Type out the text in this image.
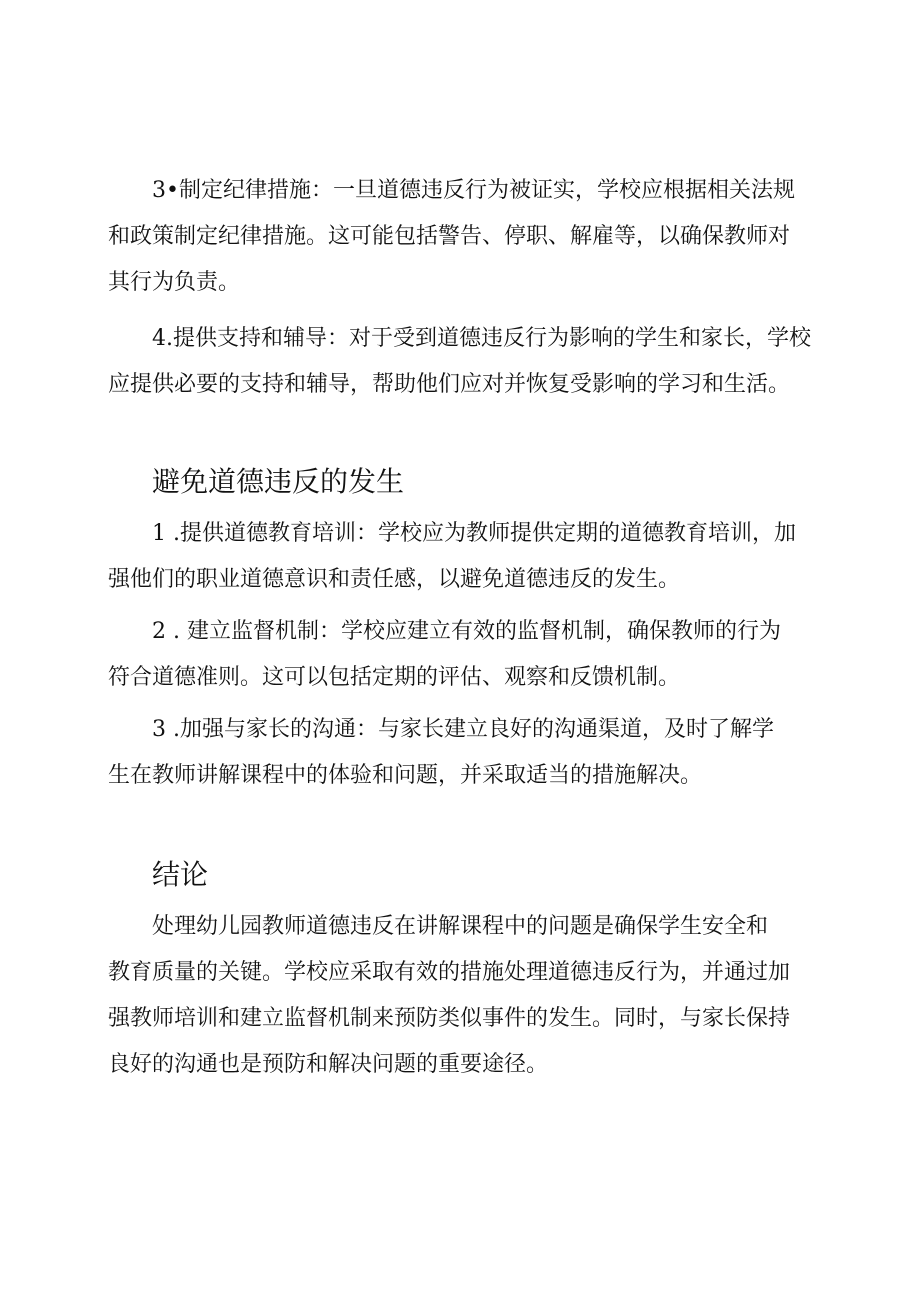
3•制定纪律措施：一旦道德违反行为被证实，学校应根据相关法规
和政策制定纪律措施。这可能包括警告、停职、解雇等，以确保教师对
其行为负责。

4.提供支持和辅导：对于受到道德违反行为影响的学生和家长，学校
应提供必要的支持和辅导，帮助他们应对并恢复受影响的学习和生活。

避免道德违反的发生

1 .提供道德教育培训：学校应为教师提供定期的道德教育培训，加
强他们的职业道德意识和责任感，以避免道德违反的发生。

2 . 建立监督机制：学校应建立有效的监督机制，确保教师的行为
符合道德准则。这可以包括定期的评估、观察和反馈机制。

3 .加强与家长的沟通：与家长建立良好的沟通渠道，及时了解学
生在教师讲解课程中的体验和问题，并采取适当的措施解决。

结论

处理幼儿园教师道德违反在讲解课程中的问题是确保学生安全和
教育质量的关键。学校应采取有效的措施处理道德违反行为，并通过加
强教师培训和建立监督机制来预防类似事件的发生。同时，与家长保持
良好的沟通也是预防和解决问题的重要途径。
